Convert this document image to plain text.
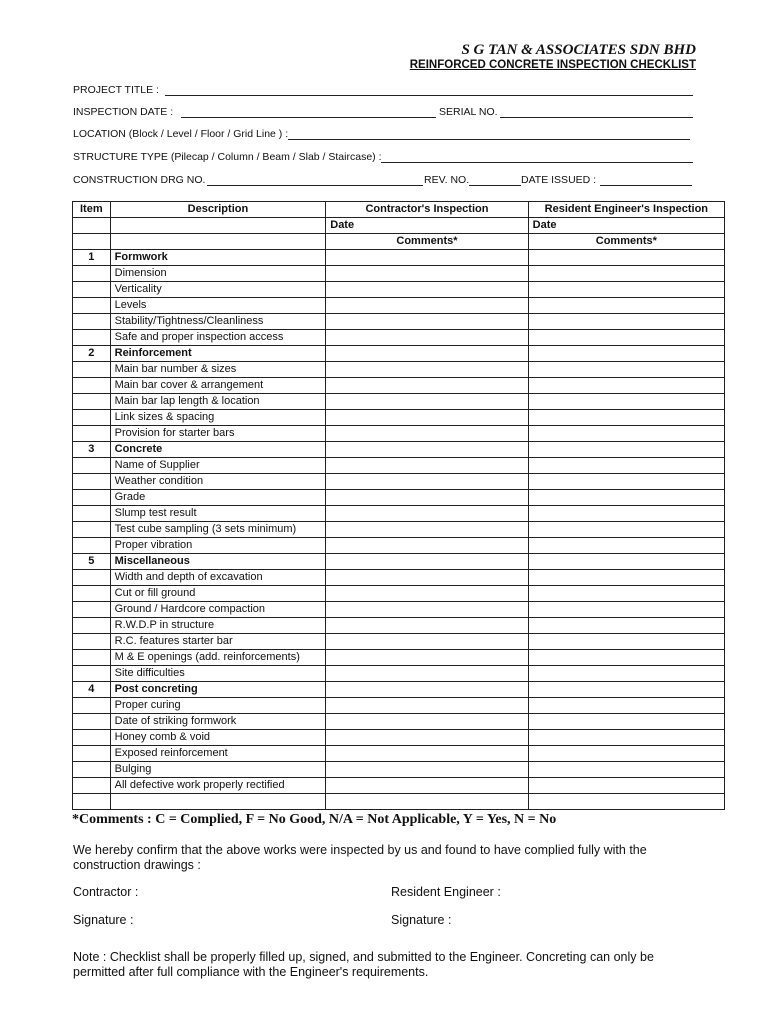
S G TAN & ASSOCIATES SDN BHD
REINFORCED CONCRETE INSPECTION CHECKLIST
PROJECT TITLE :
INSPECTION DATE :	SERIAL NO.
LOCATION (Block / Level / Floor / Grid Line ) :
STRUCTURE TYPE (Pilecap / Column / Beam / Slab / Staircase) :
CONSTRUCTION DRG NO.	REV. NO.	DATE ISSUED :
Item	Description	Contractor's Inspection	Resident Engineer's Inspection
		Date	Date
		Comments*	Comments*
1	Formwork		
	Dimension		
	Verticality		
	Levels		
	Stability/Tightness/Cleanliness		
	Safe and proper inspection access		
2	Reinforcement		
	Main bar number & sizes		
	Main bar cover & arrangement		
	Main bar lap length & location		
	Link sizes & spacing		
	Provision for starter bars		
3	Concrete		
	Name of Supplier		
	Weather condition		
	Grade		
	Slump test result		
	Test cube sampling (3 sets minimum)		
	Proper vibration		
5	Miscellaneous		
	Width and depth of excavation		
	Cut or fill ground		
	Ground / Hardcore compaction		
	R.W.D.P in structure		
	R.C. features starter bar		
	M & E openings (add. reinforcements)		
	Site difficulties		
4	Post concreting		
	Proper curing		
	Date of striking formwork		
	Honey comb & void		
	Exposed reinforcement		
	Bulging		
	All defective work properly rectified		

*Comments : C = Complied, F = No Good, N/A = Not Applicable, Y = Yes, N = No
We hereby confirm that the above works were inspected by us and found to have complied fully with the construction drawings :
Contractor :	Resident Engineer :
Signature :	Signature :
Note : Checklist shall be properly filled up, signed, and submitted to the Engineer. Concreting can only be permitted after full compliance with the Engineer's requirements.
